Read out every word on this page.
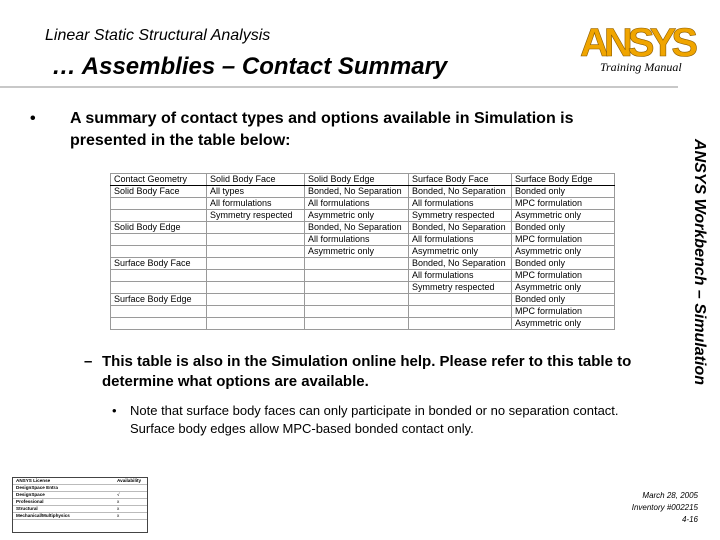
Linear Static Structural Analysis
… Assemblies – Contact Summary
ANSYS
Training Manual
ANSYS Workbench – Simulation
• A summary of contact types and options available in Simulation is presented in the table below:
Contact Geometry	Solid Body Face	Solid Body Edge	Surface Body Face	Surface Body Edge
Solid Body Face	All types	Bonded, No Separation	Bonded, No Separation	Bonded only
	All formulations	All formulations	All formulations	MPC formulation
	Symmetry respected	Asymmetric only	Symmetry respected	Asymmetric only
Solid Body Edge		Bonded, No Separation	Bonded, No Separation	Bonded only
		All formulations	All formulations	MPC formulation
		Asymmetric only	Asymmetric only	Asymmetric only
Surface Body Face			Bonded, No Separation	Bonded only
			All formulations	MPC formulation
			Symmetry respected	Asymmetric only
Surface Body Edge				Bonded only
				MPC formulation
				Asymmetric only
– This table is also in the Simulation online help. Please refer to this table to determine what options are available.
• Note that surface body faces can only participate in bonded or no separation contact. Surface body edges allow MPC-based bonded contact only.
ANSYS License	Availability
DesignSpace Entra
DesignSpace	√
Professional	x
Structural	x
Mechanical/Multiphysics	x
March 28, 2005
Inventory #002215
4-16
